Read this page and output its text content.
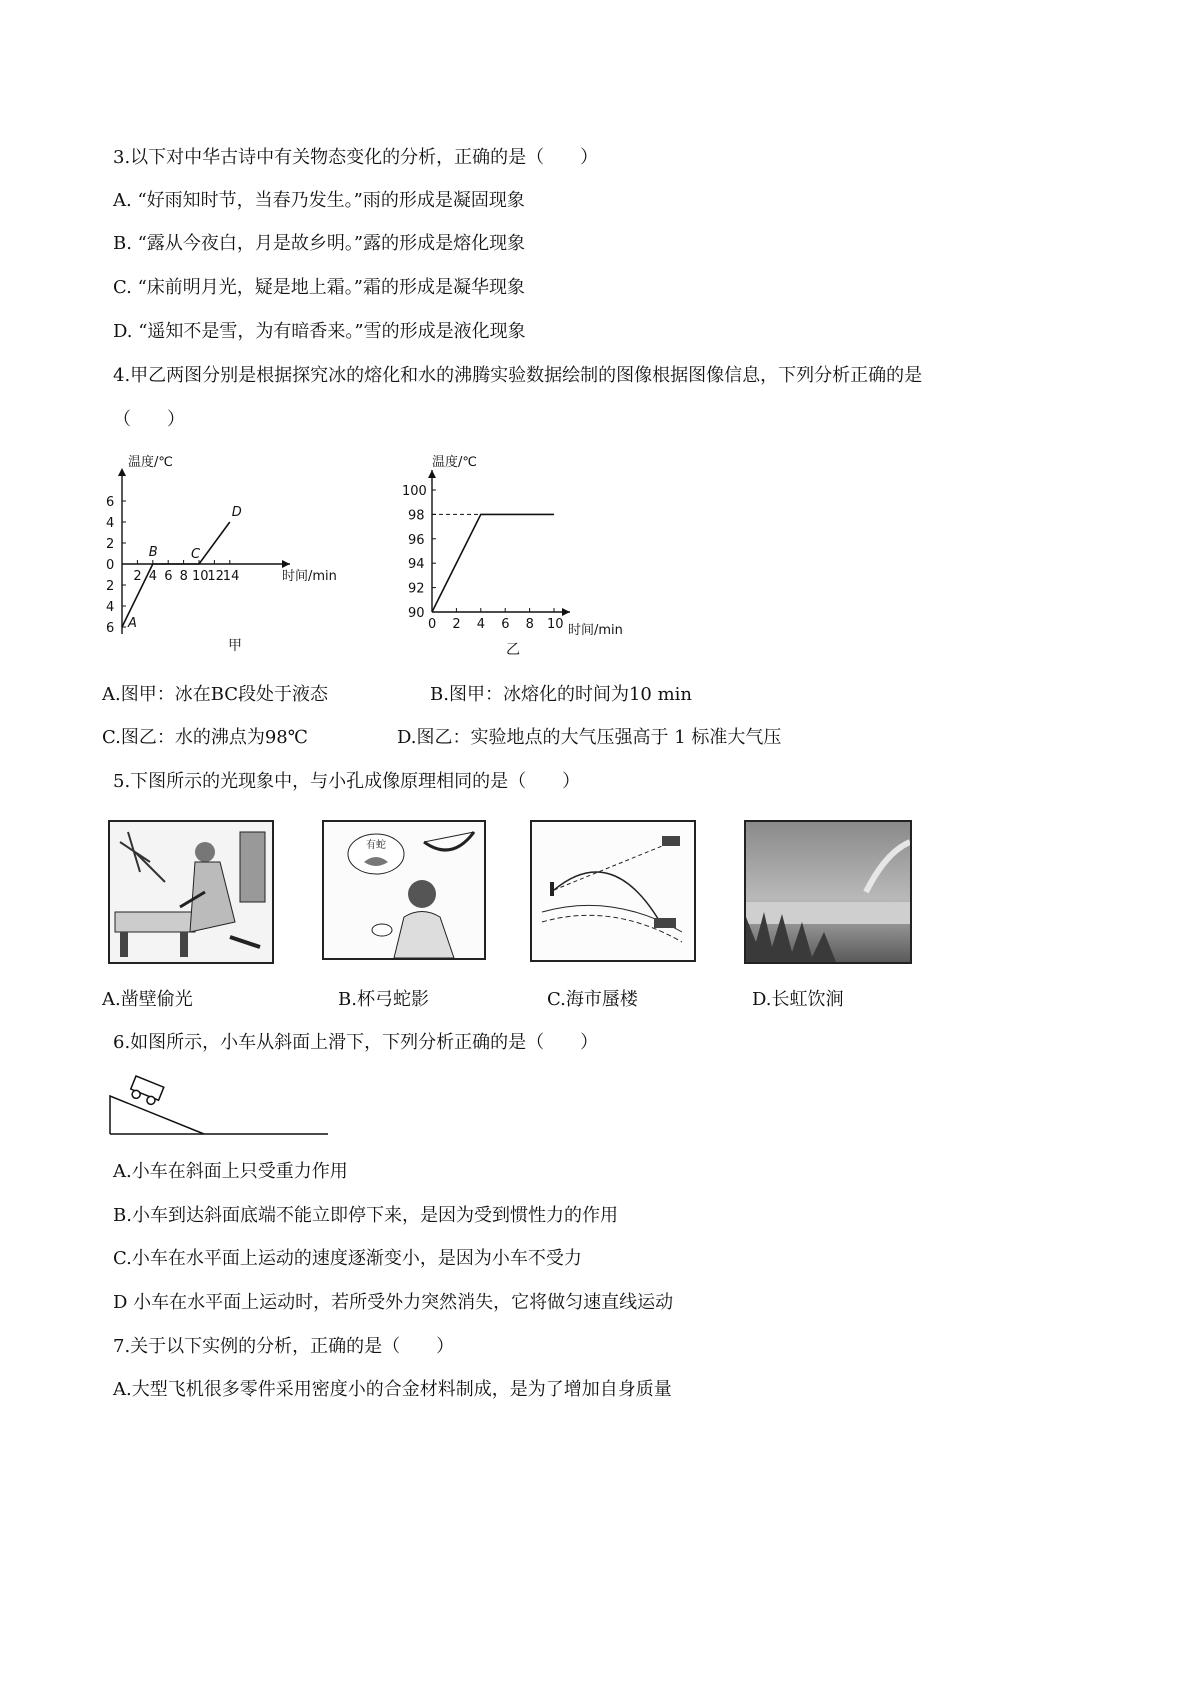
3.以下对中华古诗中有关物态变化的分析，正确的是（　　）
A. “好雨知时节，当春乃发生。”雨的形成是凝固现象
B. “露从今夜白，月是故乡明。”露的形成是熔化现象
C. “床前明月光，疑是地上霜。”霜的形成是凝华现象
D. “遥知不是雪，为有暗香来。”雪的形成是液化现象
4.甲乙两图分别是根据探究冰的熔化和水的沸腾实验数据绘制的图像根据图像信息，下列分析正确的是
（　　）
温度/℃
6
4
2
0
2
4
6
2 4 6 8 10
12
14	时间/min
A
B	C
D
甲
温度/℃
90
92
94
96
98
100
0 2 4 6 8 10 时间/min
乙
A.图甲：冰在BC段处于液态	B.图甲：冰熔化的时间为10 min
C.图乙：水的沸点为98℃	D.图乙：实验地点的大气压强高于 1 标准大气压
5.下图所示的光现象中，与小孔成像原理相同的是（　　）
有蛇
A.凿壁偷光	B.杯弓蛇影	C.海市蜃楼	D.长虹饮涧
6.如图所示，小车从斜面上滑下，下列分析正确的是（　　）
A.小车在斜面上只受重力作用
B.小车到达斜面底端不能立即停下来，是因为受到惯性力的作用
C.小车在水平面上运动的速度逐渐变小，是因为小车不受力
D 小车在水平面上运动时，若所受外力突然消失，它将做匀速直线运动
7.关于以下实例的分析，正确的是（　　）
A.大型飞机很多零件采用密度小的合金材料制成，是为了增加自身质量
